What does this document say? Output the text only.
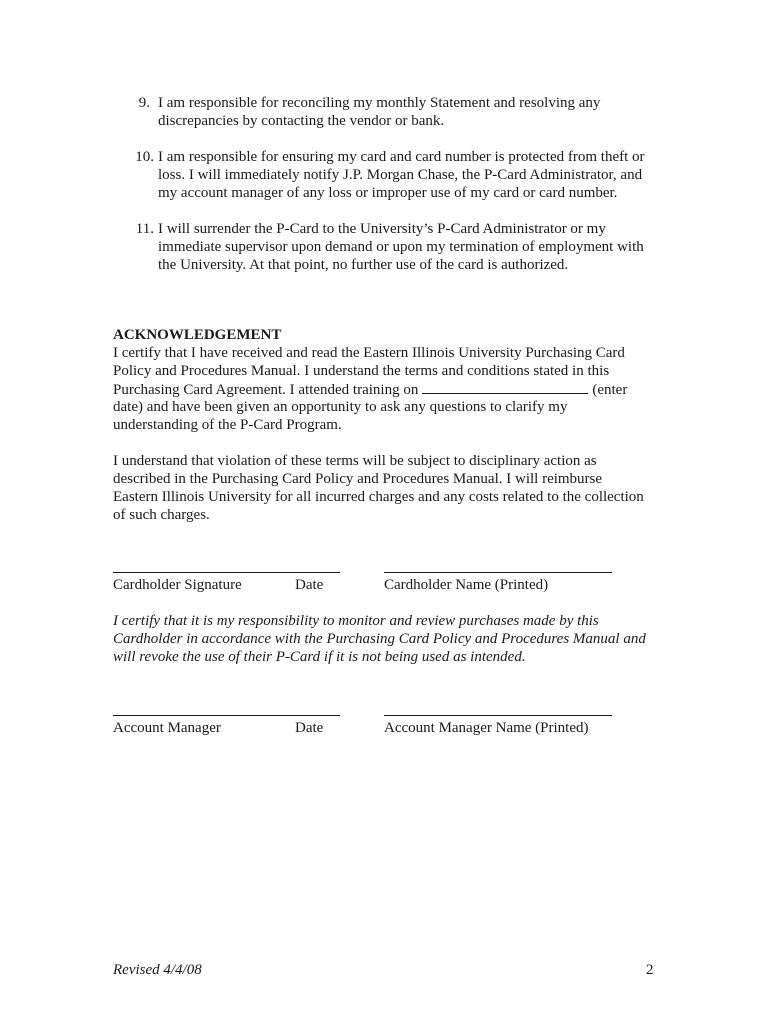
9. I am responsible for reconciling my monthly Statement and resolving any
discrepancies by contacting the vendor or bank.
10. I am responsible for ensuring my card and card number is protected from theft or
loss. I will immediately notify J.P. Morgan Chase, the P-Card Administrator, and
my account manager of any loss or improper use of my card or card number.
11. I will surrender the P-Card to the University’s P-Card Administrator or my
immediate supervisor upon demand or upon my termination of employment with
the University. At that point, no further use of the card is authorized.
ACKNOWLEDGEMENT
I certify that I have received and read the Eastern Illinois University Purchasing Card
Policy and Procedures Manual. I understand the terms and conditions stated in this
Purchasing Card Agreement. I attended training on	(enter
date) and have been given an opportunity to ask any questions to clarify my
understanding of the P-Card Program.
I understand that violation of these terms will be subject to disciplinary action as
described in the Purchasing Card Policy and Procedures Manual. I will reimburse
Eastern Illinois University for all incurred charges and any costs related to the collection
of such charges.
Cardholder Signature	Date	Cardholder Name (Printed)
I certify that it is my responsibility to monitor and review purchases made by this
Cardholder in accordance with the Purchasing Card Policy and Procedures Manual and
will revoke the use of their P-Card if it is not being used as intended.
Account Manager	Date	Account Manager Name (Printed)
Revised 4/4/08	2
